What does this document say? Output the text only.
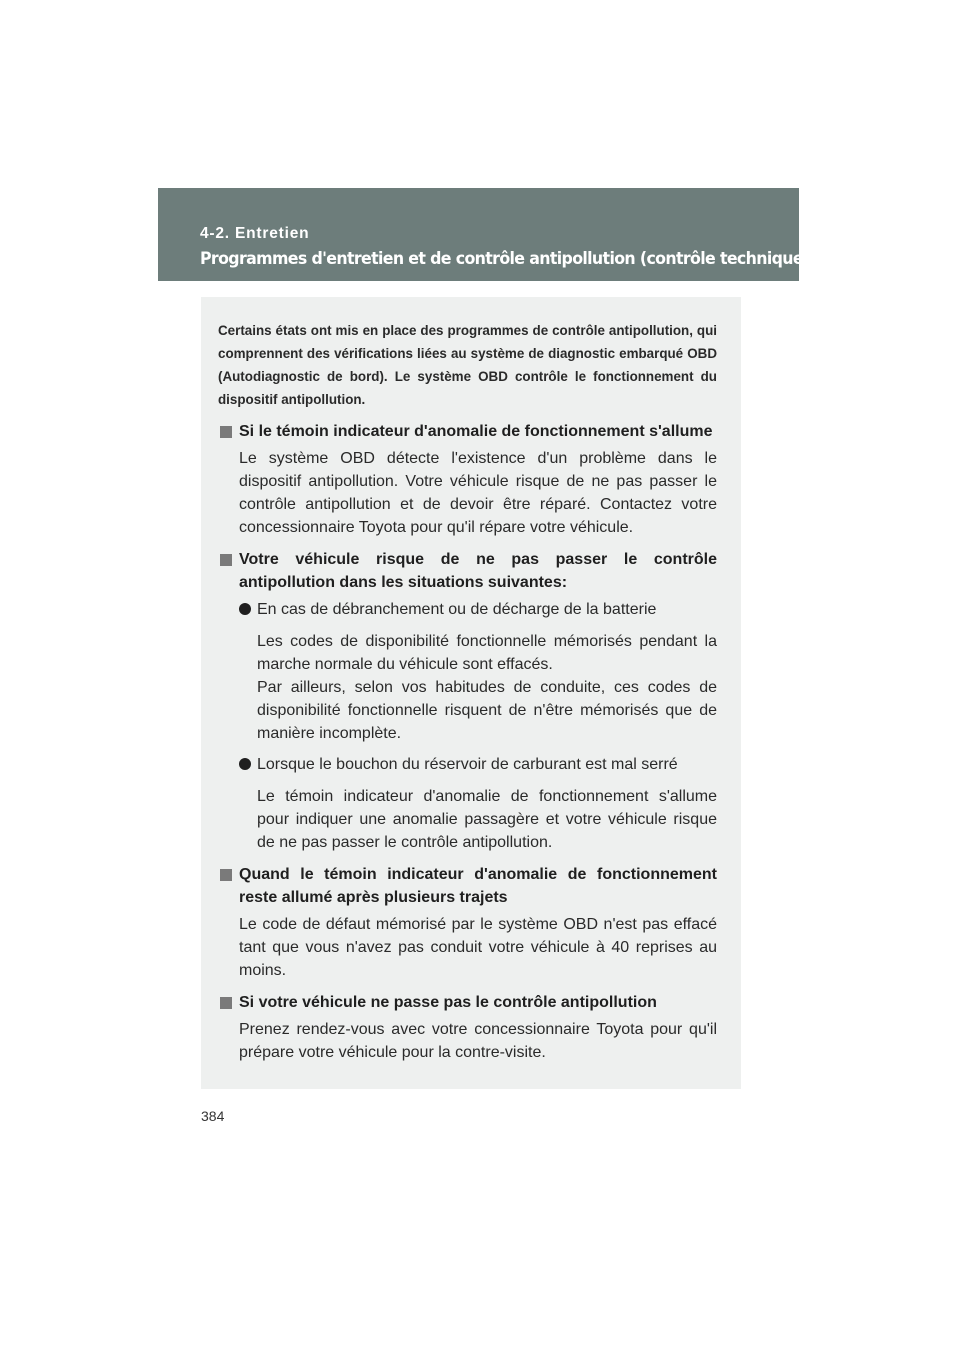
4-2. Entretien
Programmes d'entretien et de contrôle antipollution (contrôle technique)

Certains états ont mis en place des programmes de contrôle antipollution, qui comprennent des vérifications liées au système de diagnostic embarqué OBD (Autodiagnostic de bord). Le système OBD contrôle le fonctionnement du dispositif antipollution.

Si le témoin indicateur d'anomalie de fonctionnement s'allume

Le système OBD détecte l'existence d'un problème dans le dispositif antipollution. Votre véhicule risque de ne pas passer le contrôle antipollution et de devoir être réparé. Contactez votre concessionnaire Toyota pour qu'il répare votre véhicule.

Votre véhicule risque de ne pas passer le contrôle antipollution dans les situations suivantes:

En cas de débranchement ou de décharge de la batterie

Les codes de disponibilité fonctionnelle mémorisés pendant la marche normale du véhicule sont effacés.

Par ailleurs, selon vos habitudes de conduite, ces codes de disponibilité fonctionnelle risquent de n'être mémorisés que de manière incomplète.

Lorsque le bouchon du réservoir de carburant est mal serré

Le témoin indicateur d'anomalie de fonctionnement s'allume pour indiquer une anomalie passagère et votre véhicule risque de ne pas passer le contrôle antipollution.

Quand le témoin indicateur d'anomalie de fonctionnement reste allumé après plusieurs trajets

Le code de défaut mémorisé par le système OBD n'est pas effacé tant que vous n'avez pas conduit votre véhicule à 40 reprises au moins.

Si votre véhicule ne passe pas le contrôle antipollution

Prenez rendez-vous avec votre concessionnaire Toyota pour qu'il prépare votre véhicule pour la contre-visite.

384
